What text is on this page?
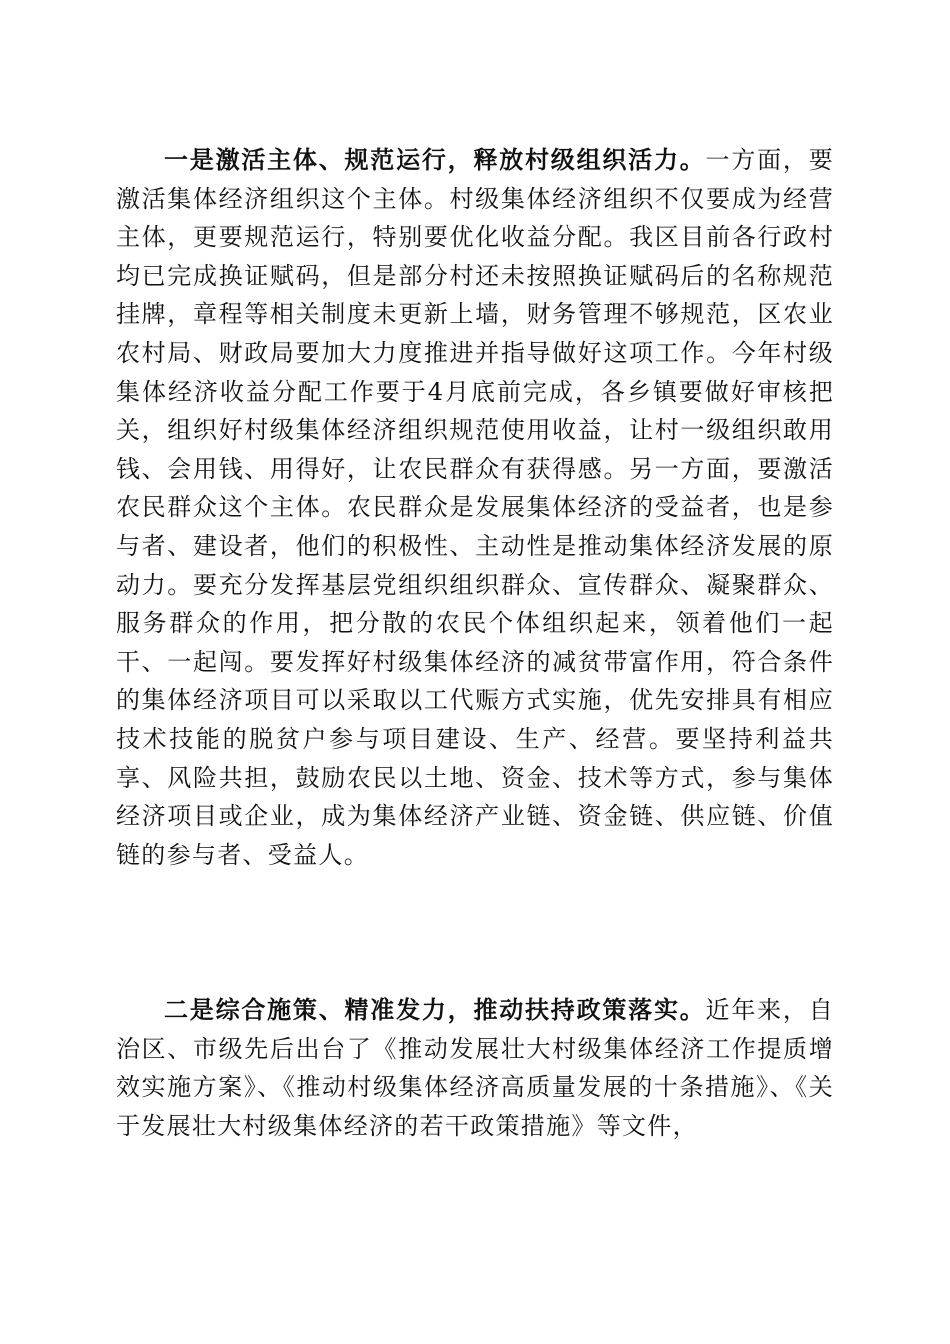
一是激活主体、规范运行，释放村级组织活力。一方面，要激活集体经济组织这个主体。村级集体经济组织不仅要成为经营主体，更要规范运行，特别要优化收益分配。我区目前各行政村均已完成换证赋码，但是部分村还未按照换证赋码后的名称规范挂牌，章程等相关制度未更新上墙，财务管理不够规范，区农业农村局、财政局要加大力度推进并指导做好这项工作。今年村级集体经济收益分配工作要于4月底前完成，各乡镇要做好审核把关，组织好村级集体经济组织规范使用收益，让村一级组织敢用钱、会用钱、用得好，让农民群众有获得感。另一方面，要激活农民群众这个主体。农民群众是发展集体经济的受益者，也是参与者、建设者，他们的积极性、主动性是推动集体经济发展的原动力。要充分发挥基层党组织组织群众、宣传群众、凝聚群众、服务群众的作用，把分散的农民个体组织起来，领着他们一起干、一起闯。要发挥好村级集体经济的减贫带富作用，符合条件的集体经济项目可以采取以工代赈方式实施，优先安排具有相应技术技能的脱贫户参与项目建设、生产、经营。要坚持利益共享、风险共担，鼓励农民以土地、资金、技术等方式，参与集体经济项目或企业，成为集体经济产业链、资金链、供应链、价值链的参与者、受益人。

二是综合施策、精准发力，推动扶持政策落实。近年来，自治区、市级先后出台了《推动发展壮大村级集体经济工作提质增效实施方案》、《推动村级集体经济高质量发展的十条措施》、《关于发展壮大村级集体经济的若干政策措施》等文件，
